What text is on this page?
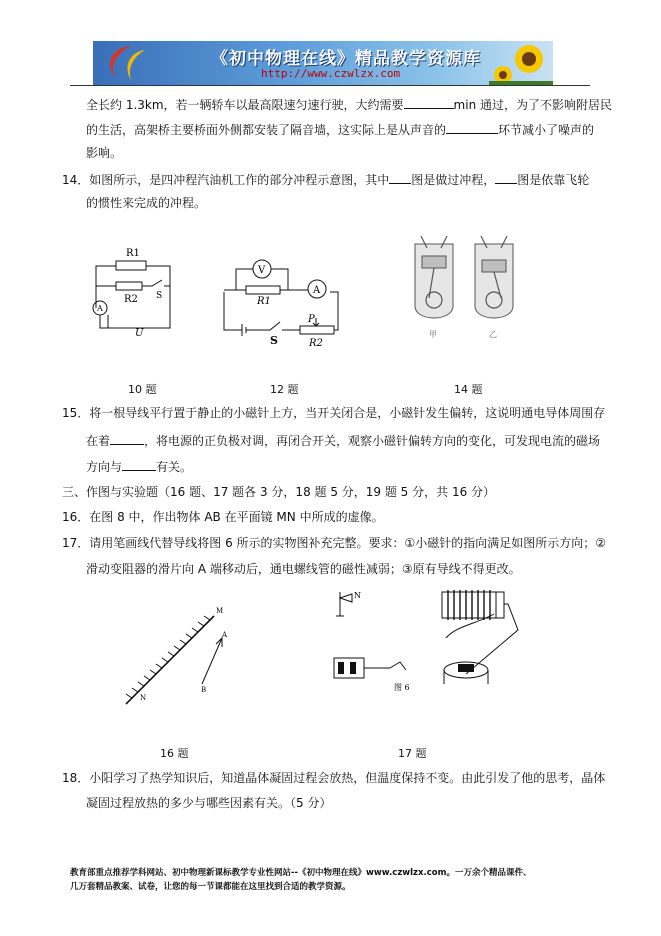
《初中物理在线》精品教学资源库
http://www.czwlzx.com
全长约 1.3km，若一辆轿车以最高限速匀速行驶，大约需要	min 通过，为了不影响附居民
的生活，高架桥主要桥面外侧都安装了隔音墙，这实际上是从声音的	环节减小了噪声的
影响。
14．如图所示，是四冲程汽油机工作的部分冲程示意图，其中 图是做过冲程， 图是依靠飞轮
的惯性来完成的冲程。
R1
R2 S
A
U
V
A
R1
P
R2
S	甲	乙
10 题	12 题	14 题
15．将一根导线平行置于静止的小磁针上方，当开关闭合是，小磁针发生偏转，这说明通电导体周围存
在着	，将电源的正负极对调，再闭合开关，观察小磁针偏转方向的变化，可发现电流的磁场
方向与	有关。
三、作图与实验题（16 题、17 题各 3 分，18 题 5 分，19 题 5 分，共 16 分）
16．在图 8 中，作出物体 AB 在平面镜 MN 中所成的虚像。
17．请用笔画线代替导线将图 6 所示的实物图补充完整。要求：①小磁针的指向满足如图所示方向；②
滑动变阻器的滑片向 A 端移动后，通电螺线管的磁性减弱；③原有导线不得更改。
M
N
A
B
N
图 6
16 题	17 题
18．小阳学习了热学知识后，知道晶体凝固过程会放热，但温度保持不变。由此引发了他的思考，晶体
凝固过程放热的多少与哪些因素有关。（5 分）
教育部重点推荐学科网站、初中物理新课标教学专业性网站--《初中物理在线》www.czwlzx.com。一万余个精品课件、
几万套精品教案、试卷，让您的每一节课都能在这里找到合适的教学资源。
